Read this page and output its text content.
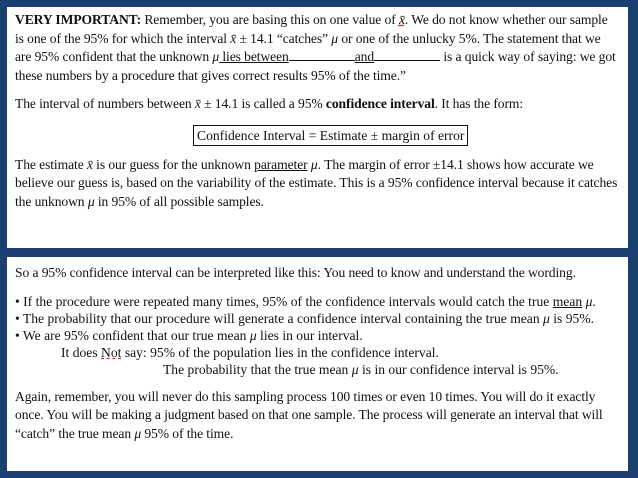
VERY IMPORTANT: Remember, you are basing this on one value of x̄. We do not know whether our sample is one of the 95% for which the interval x̄ ± 14.1 “catches” μ or one of the unlucky 5%. The statement that we are 95% confident that the unknown μ lies between	and	is a quick way of saying: we got these numbers by a procedure that gives correct results 95% of the time.”

The interval of numbers between x̄ ± 14.1 is called a 95% confidence interval. It has the form:

Confidence Interval = Estimate ± margin of error

The estimate x̄ is our guess for the unknown parameter μ. The margin of error ±14.1 shows how accurate we believe our guess is, based on the variability of the estimate. This is a 95% confidence interval because it catches the unknown μ in 95% of all possible samples.

So a 95% confidence interval can be interpreted like this: You need to know and understand the wording.

• If the procedure were repeated many times, 95% of the confidence intervals would catch the true mean μ.

• The probability that our procedure will generate a confidence interval containing the true mean μ is 95%.

• We are 95% confident that our true mean μ lies in our interval.

It does Not say: 95% of the population lies in the confidence interval.

The probability that the true mean μ is in our confidence interval is 95%.

Again, remember, you will never do this sampling process 100 times or even 10 times. You will do it exactly once. You will be making a judgment based on that one sample. The process will generate an interval that will “catch” the true mean μ 95% of the time.
